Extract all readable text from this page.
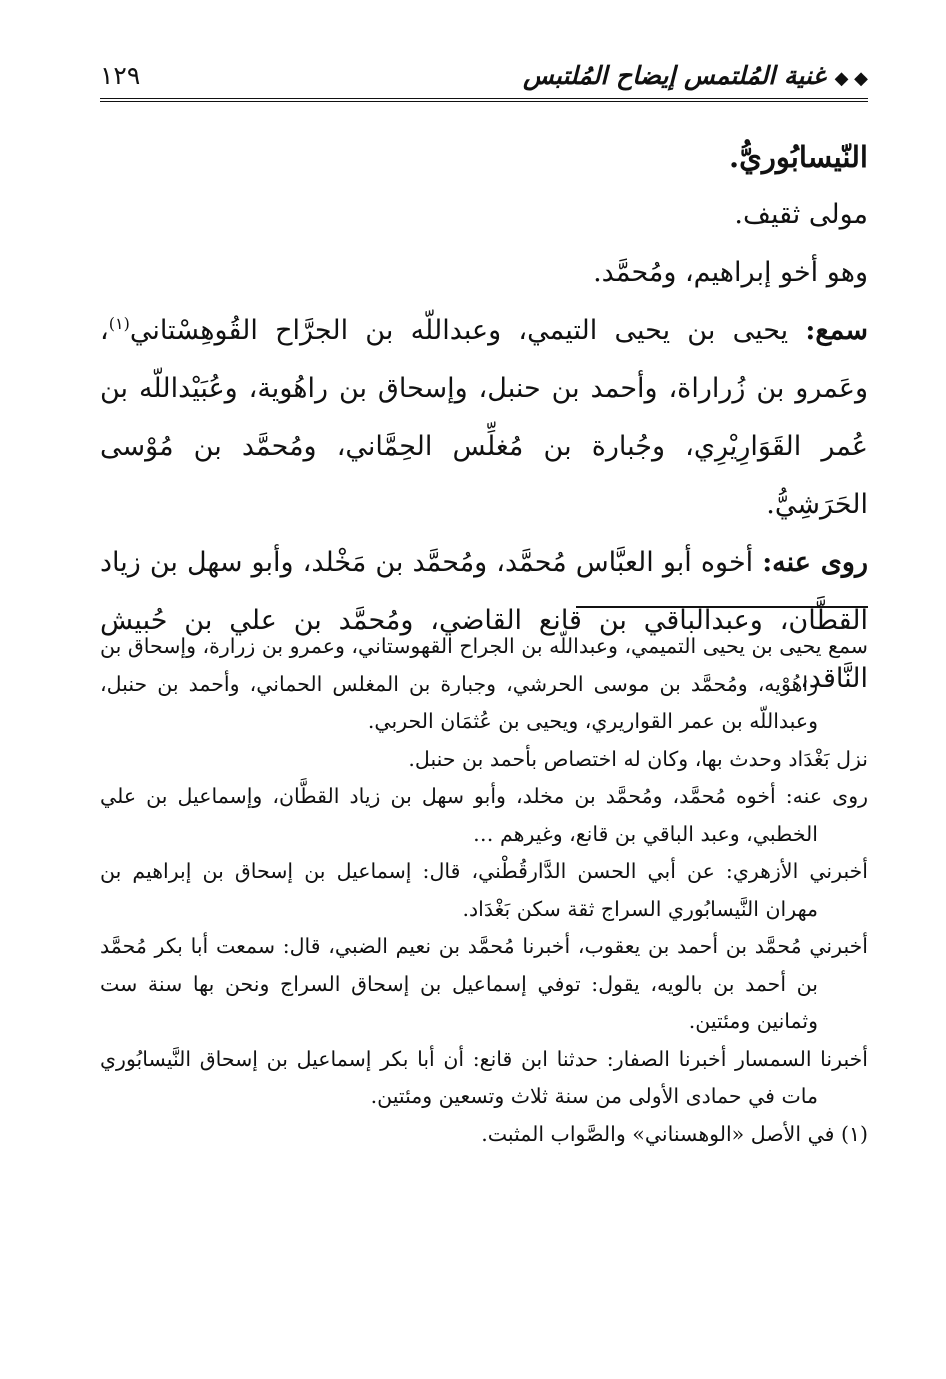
◆ ◆ غنية المُلتمس إيضاح المُلتبس
١٢٩

النّيسابُوريُّ.

مولى ثقيف.

وهو أخو إبراهيم، ومُحمَّد.

سمع: يحيى بن يحيى التيمي، وعبداللّه بن الجرَّاح القُوهِسْتاني$^{(١)}$، وعَمرو بن زُراراة، وأحمد بن حنبل، وإسحاق بن راهُوية، وعُبَيْداللّه بن عُمر القَوَارِيْرِي، وجُبارة بن مُغلِّس الحِمَّاني، ومُحمَّد بن مُوْسى الحَرَشِيُّ.

روى عنه: أخوه أبو العبَّاس مُحمَّد، ومُحمَّد بن مَخْلد، وأبو سهل بن زياد القطَّان، وعبدالباقي بن قانع القاضي، ومُحمَّد بن علي بن حُبيش النَّاقد،

سمع يحيى بن يحيى التميمي، وعبداللّه بن الجراح القهوستاني، وعمرو بن زرارة، وإسحاق بن راهُوْيه، ومُحمَّد بن موسى الحرشي، وجبارة بن المغلس الحماني، وأحمد بن حنبل، وعبداللّه بن عمر القواريري، ويحيى بن عُثمَان الحربي.

نزل بَغْدَاد وحدث بها، وكان له اختصاص بأحمد بن حنبل.

روى عنه: أخوه مُحمَّد، ومُحمَّد بن مخلد، وأبو سهل بن زياد القطَّان، وإسماعيل بن علي الخطبي، وعبد الباقي بن قانع، وغيرهم …

أخبرني الأزهري: عن أبي الحسن الدَّارقُطْني، قال: إسماعيل بن إسحاق بن إبراهيم بن مهران النَّيسابُوري السراج ثقة سكن بَغْدَاد.

أخبرني مُحمَّد بن أحمد بن يعقوب، أخبرنا مُحمَّد بن نعيم الضبي، قال: سمعت أبا بكر مُحمَّد بن أحمد بن بالويه، يقول: توفي إسماعيل بن إسحاق السراج ونحن بها سنة ست وثمانين ومئتين.

أخبرنا السمسار أخبرنا الصفار: حدثنا ابن قانع: أن أبا بكر إسماعيل بن إسحاق النَّيسابُوري مات في حمادى الأولى من سنة ثلاث وتسعين ومئتين.

(١) في الأصل «الوهسناني» والصَّواب المثبت.
